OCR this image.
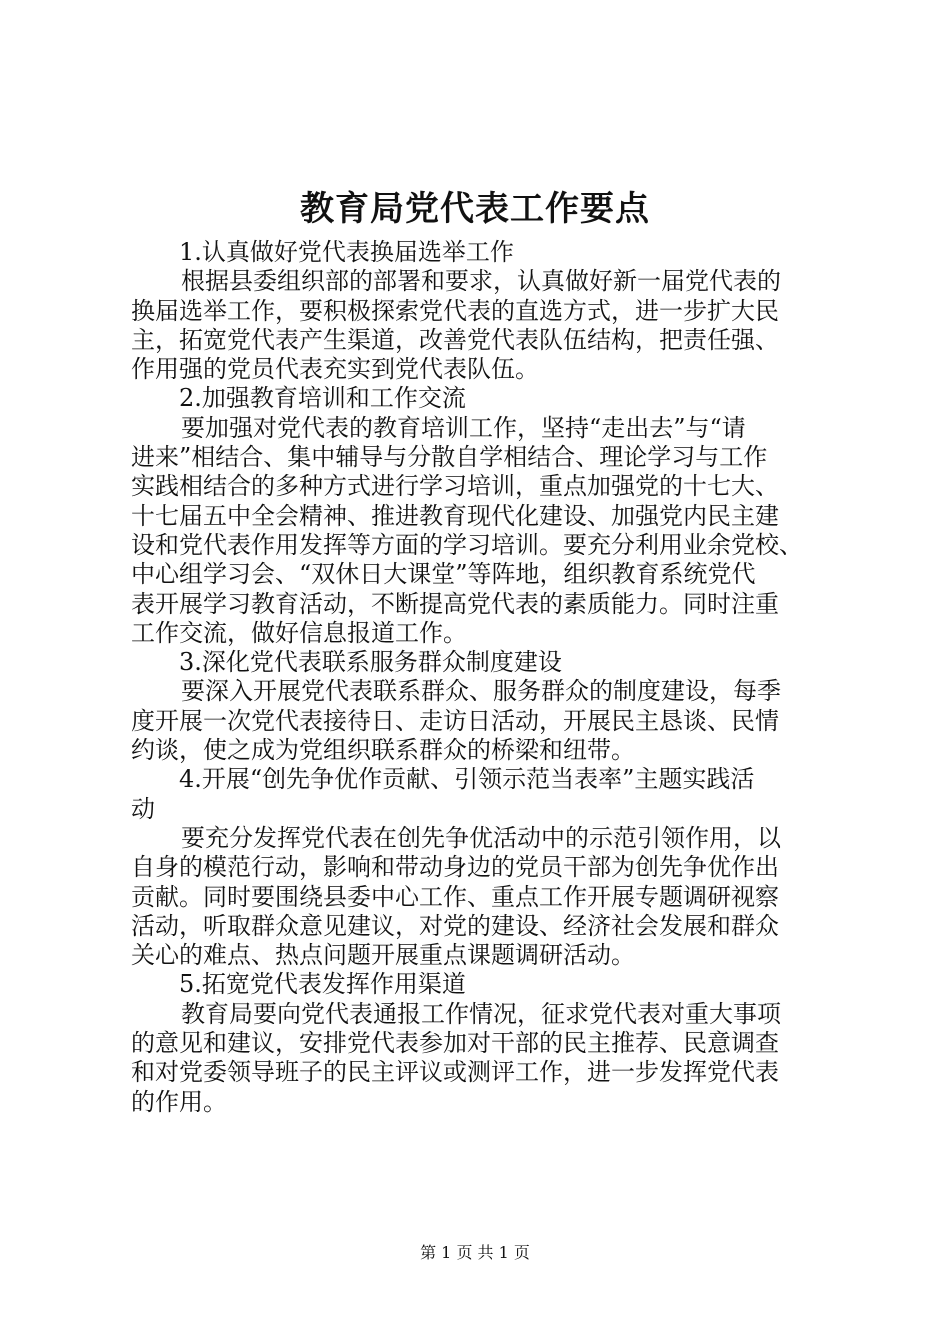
教育局党代表工作要点
1.认真做好党代表换届选举工作
根据县委组织部的部署和要求，认真做好新一届党代表的
换届选举工作，要积极探索党代表的直选方式，进一步扩大民
主，拓宽党代表产生渠道，改善党代表队伍结构，把责任强、
作用强的党员代表充实到党代表队伍。
2.加强教育培训和工作交流
要加强对党代表的教育培训工作，坚持“走出去”与“请
进来”相结合、集中辅导与分散自学相结合、理论学习与工作
实践相结合的多种方式进行学习培训，重点加强党的十七大、
十七届五中全会精神、推进教育现代化建设、加强党内民主建
设和党代表作用发挥等方面的学习培训。要充分利用业余党校、
中心组学习会、“双休日大课堂”等阵地，组织教育系统党代
表开展学习教育活动，不断提高党代表的素质能力。同时注重
工作交流，做好信息报道工作。
3.深化党代表联系服务群众制度建设
要深入开展党代表联系群众、服务群众的制度建设，每季
度开展一次党代表接待日、走访日活动，开展民主恳谈、民情
约谈，使之成为党组织联系群众的桥梁和纽带。
4.开展“创先争优作贡献、引领示范当表率”主题实践活
动
要充分发挥党代表在创先争优活动中的示范引领作用，以
自身的模范行动，影响和带动身边的党员干部为创先争优作出
贡献。同时要围绕县委中心工作、重点工作开展专题调研视察
活动，听取群众意见建议，对党的建设、经济社会发展和群众
关心的难点、热点问题开展重点课题调研活动。
5.拓宽党代表发挥作用渠道
教育局要向党代表通报工作情况，征求党代表对重大事项
的意见和建议，安排党代表参加对干部的民主推荐、民意调查
和对党委领导班子的民主评议或测评工作，进一步发挥党代表
的作用。
第 1 页 共 1 页
